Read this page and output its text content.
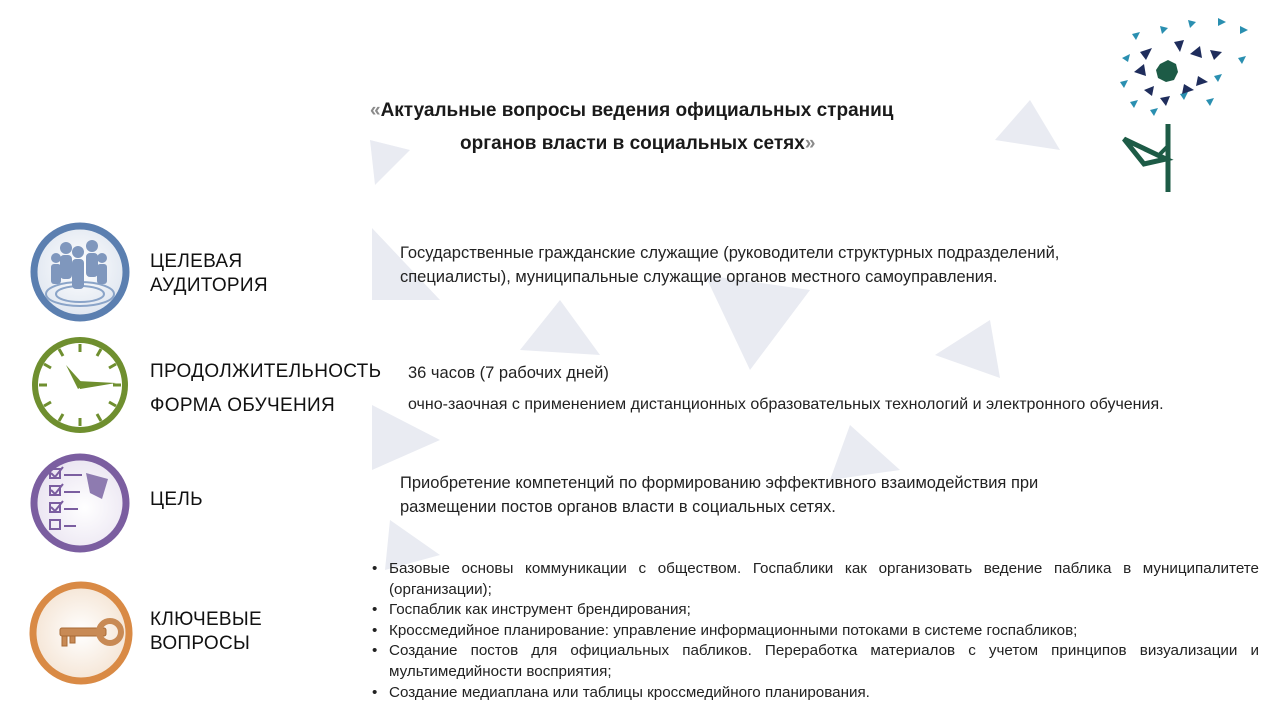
«Актуальные вопросы ведения официальных страниц
органов власти в социальных сетях»
ЦЕЛЕВАЯ
АУДИТОРИЯ
ПРОДОЛЖИТЕЛЬНОСТЬ
ФОРМА ОБУЧЕНИЯ
ЦЕЛЬ
КЛЮЧЕВЫЕ
ВОПРОСЫ
Государственные гражданские служащие (руководители структурных подразделений,
специалисты), муниципальные служащие органов местного самоуправления.
36 часов (7 рабочих дней)
очно-заочная с применением дистанционных образовательных технологий и электронного обучения.
Приобретение компетенций по формированию эффективного взаимодействия при
размещении постов органов власти в социальных сетях.
• Базовые основы коммуникации с обществом. Госпаблики как организовать ведение паблика в муниципалитете (организации);
• Госпаблик как инструмент брендирования;
• Кроссмедийное планирование: управление информационными потоками в системе госпабликов;
• Создание постов для официальных пабликов. Переработка материалов с учетом принципов визуализации и мультимедийности восприятия;
• Создание медиаплана или таблицы кроссмедийного планирования.
